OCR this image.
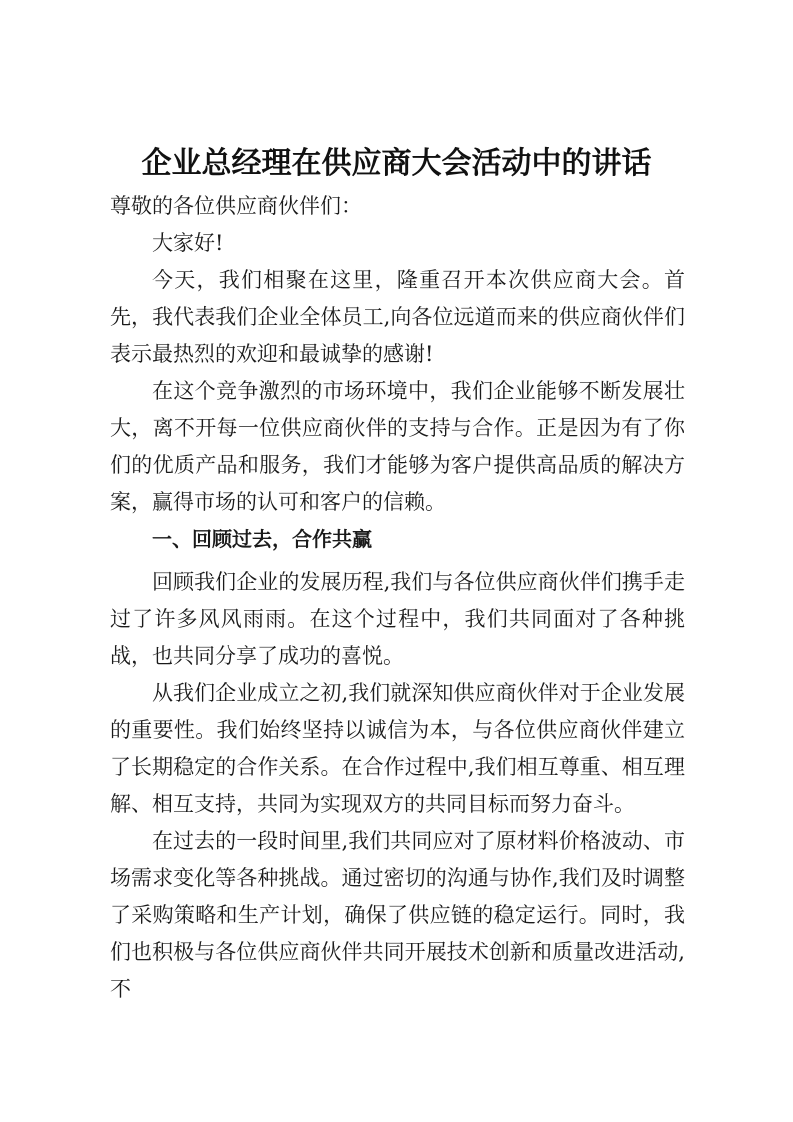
企业总经理在供应商大会活动中的讲话

尊敬的各位供应商伙伴们：

大家好!

今天，我们相聚在这里，隆重召开本次供应商大会。首先，我代表我们企业全体员工,向各位远道而来的供应商伙伴们表示最热烈的欢迎和最诚挚的感谢!

在这个竞争激烈的市场环境中，我们企业能够不断发展壮大，离不开每一位供应商伙伴的支持与合作。正是因为有了你们的优质产品和服务，我们才能够为客户提供高品质的解决方案，赢得市场的认可和客户的信赖。

一、回顾过去，合作共赢

回顾我们企业的发展历程,我们与各位供应商伙伴们携手走过了许多风风雨雨。在这个过程中，我们共同面对了各种挑战，也共同分享了成功的喜悦。

从我们企业成立之初,我们就深知供应商伙伴对于企业发展的重要性。我们始终坚持以诚信为本，与各位供应商伙伴建立了长期稳定的合作关系。在合作过程中,我们相互尊重、相互理解、相互支持，共同为实现双方的共同目标而努力奋斗。

在过去的一段时间里,我们共同应对了原材料价格波动、市场需求变化等各种挑战。通过密切的沟通与协作,我们及时调整了采购策略和生产计划，确保了供应链的稳定运行。同时，我们也积极与各位供应商伙伴共同开展技术创新和质量改进活动,不
